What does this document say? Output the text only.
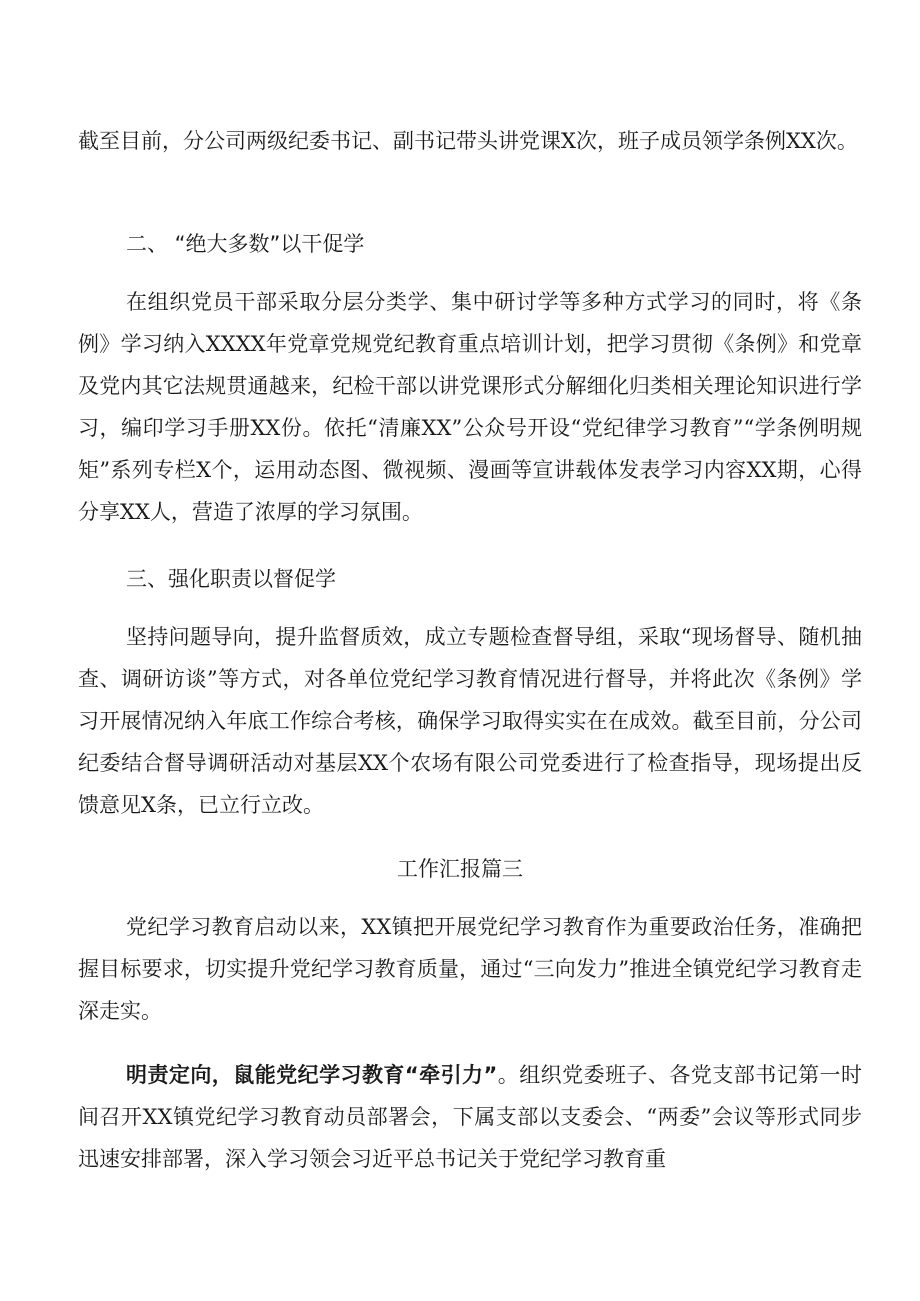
截至目前，分公司两级纪委书记、副书记带头讲党课X次，班子成员领学条例XX次。

二、 “绝大多数”以干促学

在组织党员干部采取分层分类学、集中研讨学等多种方式学习的同时，将《条例》学习纳入XXXX年党章党规党纪教育重点培训计划，把学习贯彻《条例》和党章及党内其它法规贯通越来，纪检干部以讲党课形式分解细化归类相关理论知识进行学习，编印学习手册XX份。依托“清廉XX”公众号开设“党纪律学习教育”“学条例明规矩”系列专栏X个，运用动态图、微视频、漫画等宣讲载体发表学习内容XX期，心得分享XX人，营造了浓厚的学习氛围。

三、强化职责以督促学

坚持问题导向，提升监督质效，成立专题检查督导组，采取“现场督导、随机抽查、调研访谈”等方式，对各单位党纪学习教育情况进行督导，并将此次《条例》学习开展情况纳入年底工作综合考核，确保学习取得实实在在成效。截至目前，分公司纪委结合督导调研活动对基层XX个农场有限公司党委进行了检查指导，现场提出反馈意见X条，已立行立改。

工作汇报篇三

党纪学习教育启动以来，XX镇把开展党纪学习教育作为重要政治任务，准确把握目标要求，切实提升党纪学习教育质量，通过“三向发力”推进全镇党纪学习教育走深走实。

明责定向，鼠能党纪学习教育“牵引力”。组织党委班子、各党支部书记第一时间召开XX镇党纪学习教育动员部署会，下属支部以支委会、“两委”会议等形式同步迅速安排部署，深入学习领会习近平总书记关于党纪学习教育重
